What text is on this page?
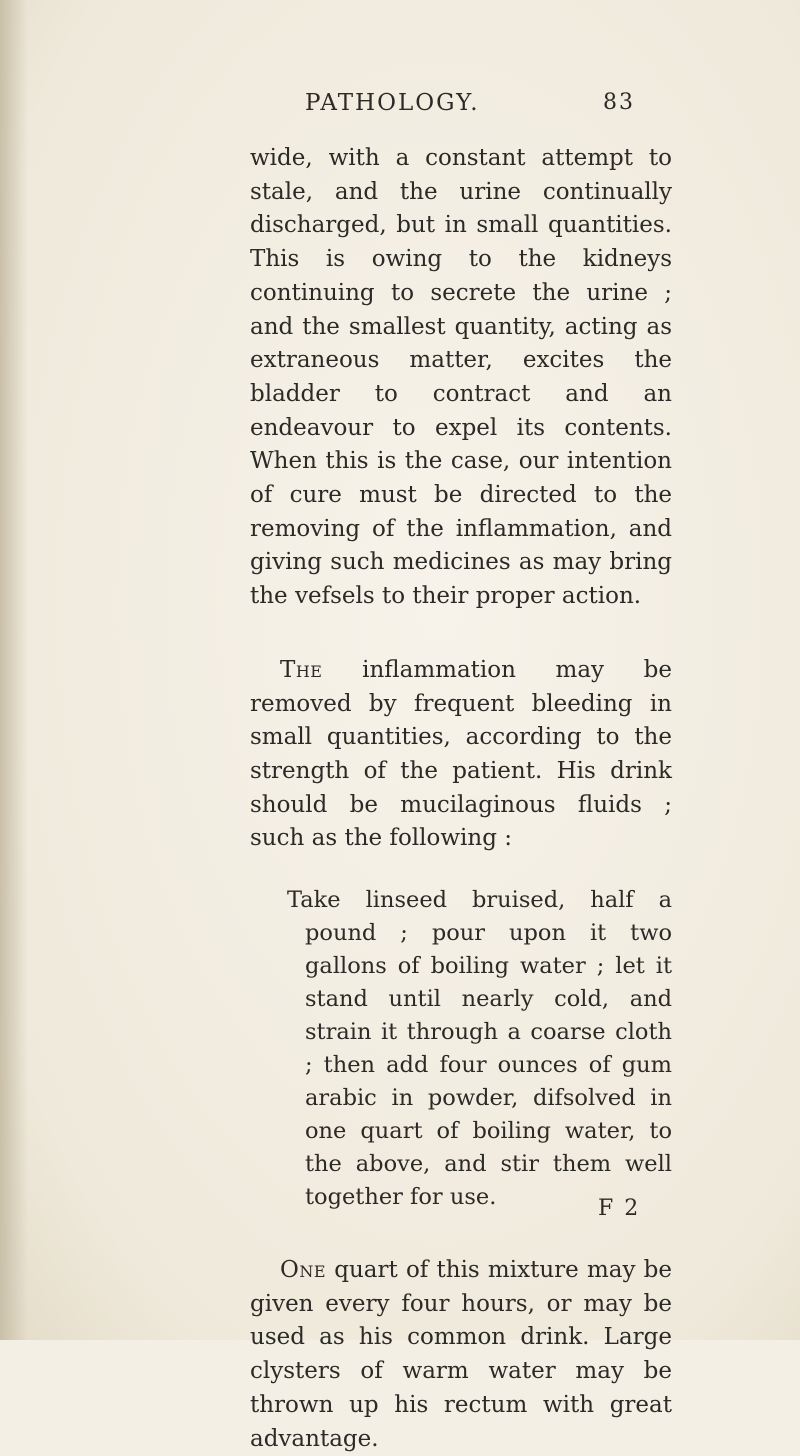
PATHOLOGY.	83

wide, with a constant attempt to stale, and the urine continually discharged, but in small quantities. This is owing to the kidneys continuing to secrete the urine ; and the smallest quantity, acting as extraneous matter, excites the bladder to contract and an endeavour to expel its contents. When this is the case, our intention of cure must be directed to the removing of the inflammation, and giving such medicines as may bring the vefsels to their proper action.

The inflammation may be removed by frequent bleeding in small quantities, according to the strength of the patient. His drink should be mucilaginous fluids ; such as the following :

Take linseed bruised, half a pound ; pour upon it two gallons of boiling water ; let it stand until nearly cold, and strain it through a coarse cloth ; then add four ounces of gum arabic in powder, difsolved in one quart of boiling water, to the above, and stir them well together for use.

One quart of this mixture may be given every four hours, or may be used as his common drink. Large clysters of warm water may be thrown up his rectum with great advantage.

F 2
